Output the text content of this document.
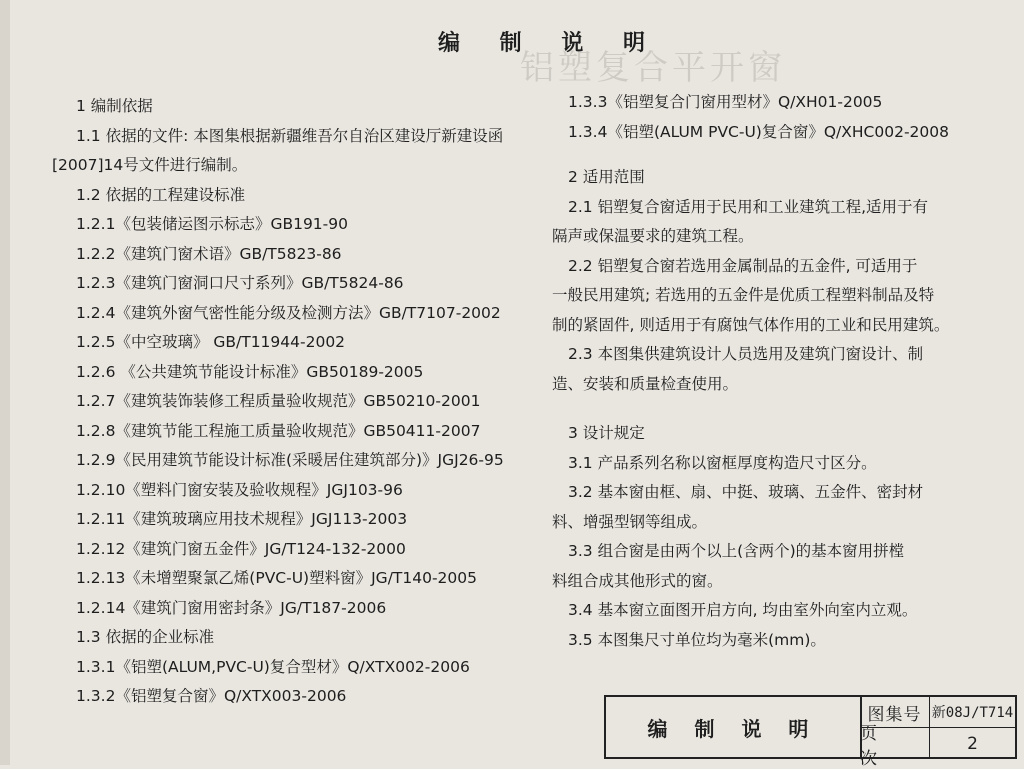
铝塑复合平开窗
编 制 说 明
1 编制依据
1.1 依据的文件: 本图集根据新疆维吾尔自治区建设厅新建设函
[2007]14号文件进行编制。
1.2 依据的工程建设标准
1.2.1《包装储运图示标志》GB191-90
1.2.2《建筑门窗术语》GB/T5823-86
1.2.3《建筑门窗洞口尺寸系列》GB/T5824-86
1.2.4《建筑外窗气密性能分级及检测方法》GB/T7107-2002
1.2.5《中空玻璃》 GB/T11944-2002
1.2.6 《公共建筑节能设计标准》GB50189-2005
1.2.7《建筑装饰装修工程质量验收规范》GB50210-2001
1.2.8《建筑节能工程施工质量验收规范》GB50411-2007
1.2.9《民用建筑节能设计标准(采暖居住建筑部分)》JGJ26-95
1.2.10《塑料门窗安装及验收规程》JGJ103-96
1.2.11《建筑玻璃应用技术规程》JGJ113-2003
1.2.12《建筑门窗五金件》JG/T124-132-2000
1.2.13《未增塑聚氯乙烯(PVC-U)塑料窗》JG/T140-2005
1.2.14《建筑门窗用密封条》JG/T187-2006
1.3 依据的企业标准
1.3.1《铝塑(ALUM,PVC-U)复合型材》Q/XTX002-2006
1.3.2《铝塑复合窗》Q/XTX003-2006
1.3.3《铝塑复合门窗用型材》Q/XH01-2005
1.3.4《铝塑(ALUM PVC-U)复合窗》Q/XHC002-2008
2 适用范围
2.1 铝塑复合窗适用于民用和工业建筑工程,适用于有
隔声或保温要求的建筑工程。
2.2 铝塑复合窗若选用金属制品的五金件, 可适用于
一般民用建筑; 若选用的五金件是优质工程塑料制品及特
制的紧固件, 则适用于有腐蚀气体作用的工业和民用建筑。
2.3 本图集供建筑设计人员选用及建筑门窗设计、制
造、安装和质量检查使用。
3 设计规定
3.1 产品系列名称以窗框厚度构造尺寸区分。
3.2 基本窗由框、扇、中挺、玻璃、五金件、密封材
料、增强型钢等组成。
3.3 组合窗是由两个以上(含两个)的基本窗用拼樘
料组合成其他形式的窗。
3.4 基本窗立面图开启方向, 均由室外向室内立观。
3.5 本图集尺寸单位均为毫米(mm)。
编 制 说 明
图集号 新08J/T714
页 次
2
